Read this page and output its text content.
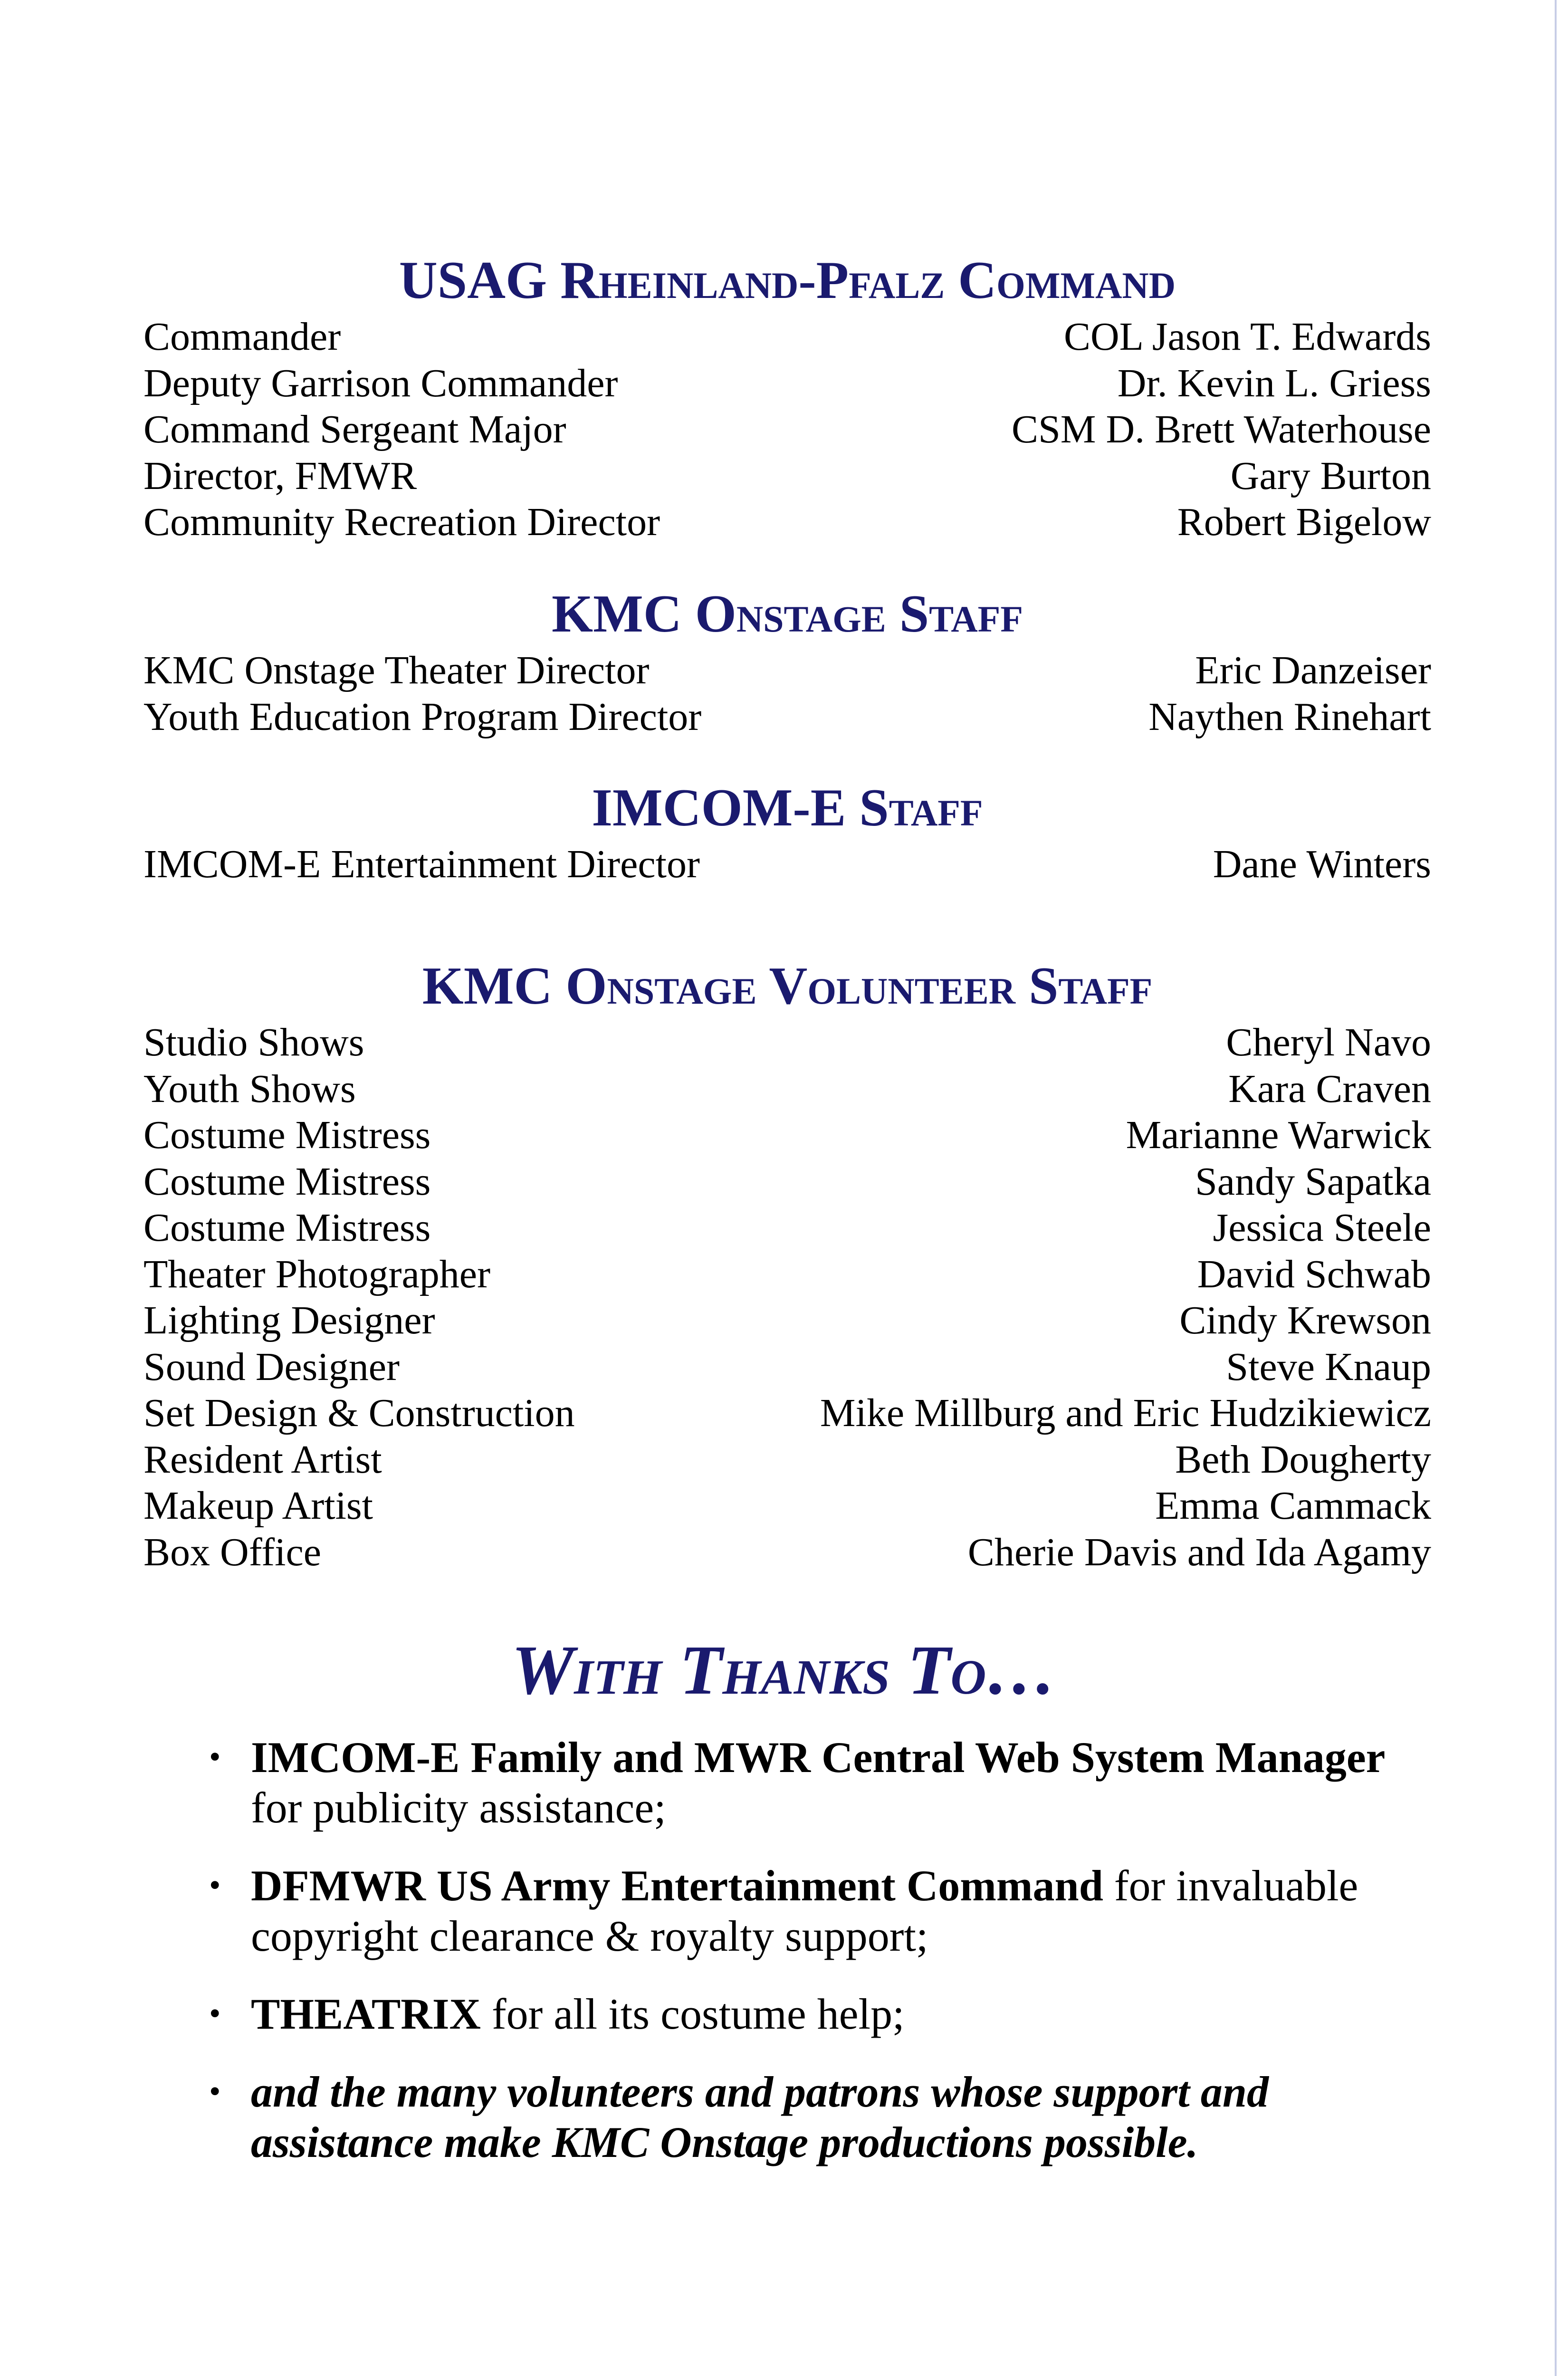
USAG Rheinland-Pfalz Command
Commander	COL Jason T. Edwards
Deputy Garrison Commander	Dr. Kevin L. Griess
Command Sergeant Major	CSM D. Brett Waterhouse
Director, FMWR	Gary Burton
Community Recreation Director	Robert Bigelow
KMC Onstage Staff
KMC Onstage Theater Director	Eric Danzeiser
Youth Education Program Director	Naythen Rinehart
IMCOM-E Staff
IMCOM-E Entertainment Director	Dane Winters
KMC Onstage Volunteer Staff
Studio Shows	Cheryl Navo
Youth Shows	Kara Craven
Costume Mistress	Marianne Warwick
Costume Mistress	Sandy Sapatka
Costume Mistress	Jessica Steele
Theater Photographer	David Schwab
Lighting Designer	Cindy Krewson
Sound Designer	Steve Knaup
Set Design & Construction	Mike Millburg and Eric Hudzikiewicz
Resident Artist	Beth Dougherty
Makeup Artist	Emma Cammack
Box Office	Cherie Davis and Ida Agamy
With Thanks To…
• IMCOM-E Family and MWR Central Web System Manager for publicity assistance;
• DFMWR US Army Entertainment Command for invaluable copyright clearance & royalty support;
• THEATRIX for all its costume help;
• and the many volunteers and patrons whose support and assistance make KMC Onstage productions possible.
